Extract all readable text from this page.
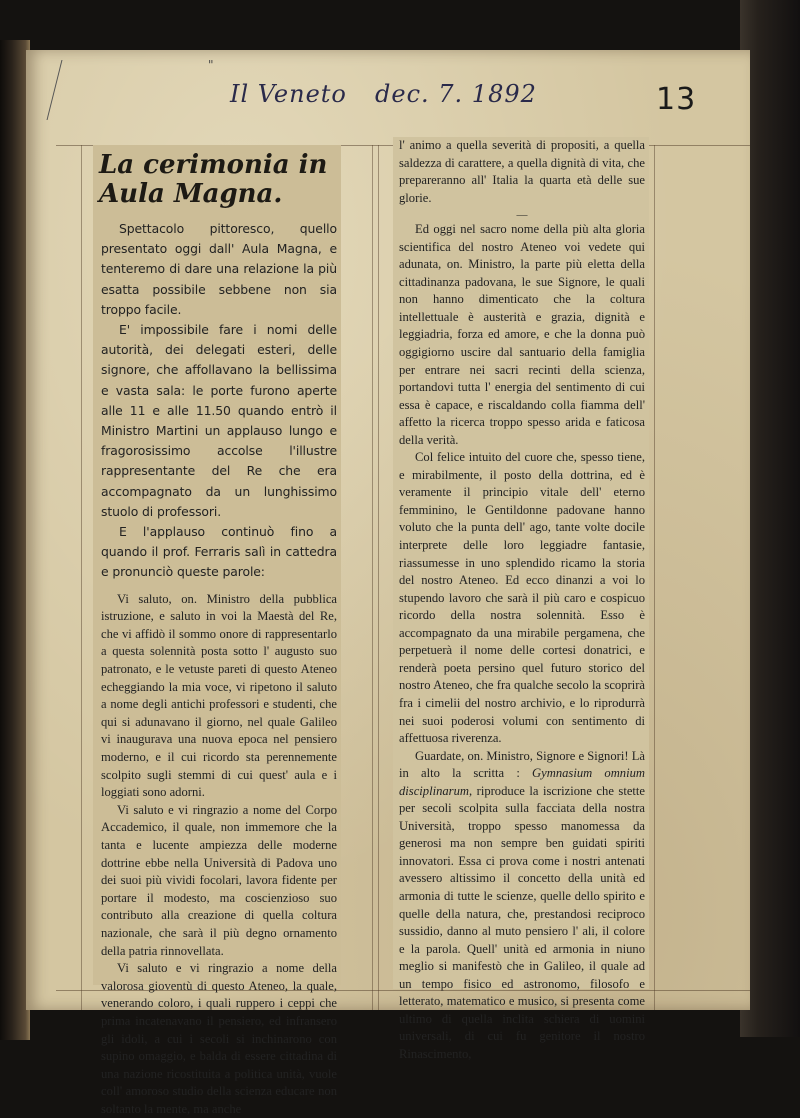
"
Il Veneto dec. 7. 1892	13
La cerimonia in Aula Magna.

Spettacolo pittoresco, quello presentato oggi dall' Aula Magna, e tenteremo di dare una relazione la più esatta possibile sebbene non sia troppo facile.

E' impossibile fare i nomi delle autorità, dei delegati esteri, delle signore, che affollavano la bellissima e vasta sala: le porte furono aperte alle 11 e alle 11.50 quando entrò il Ministro Martini un applauso lungo e fragorosissimo accolse l'illustre rappresentante del Re che era accompagnato da un lunghissimo stuolo di professori.

E l'applauso continuò fino a quando il prof. Ferraris salì in cattedra e pronunciò queste parole:

Vi saluto, on. Ministro della pubblica istruzione, e saluto in voi la Maestà del Re, che vi affidò il sommo onore di rappresentarlo a questa solennità posta sotto l' augusto suo patronato, e le vetuste pareti di questo Ateneo echeggiando la mia voce, vi ripetono il saluto a nome degli antichi professori e studenti, che qui si adunavano il giorno, nel quale Galileo vi inaugurava una nuova epoca nel pensiero moderno, e il cui ricordo sta perennemente scolpito sugli stemmi di cui quest' aula e i loggiati sono adorni.

Vi saluto e vi ringrazio a nome del Corpo Accademico, il quale, non immemore che la tanta e lucente ampiezza delle moderne dottrine ebbe nella Università di Padova uno dei suoi più vividi focolari, lavora fidente per portare il modesto, ma coscienzioso suo contributo alla creazione di quella coltura nazionale, che sarà il più degno ornamento della patria rinnovellata.

Vi saluto e vi ringrazio a nome della valorosa gioventù di questo Ateneo, la quale, venerando coloro, i quali ruppero i ceppi che prima incatenavano il pensiero, ed infransero gli idoli, a cui i secoli si inchinarono con supino omaggio, e balda di essere cittadina di una nazione ricostituita a politica unità, vuole coll' amoroso studio della scienza educare non soltanto la mente, ma anche

l' animo a quella severità di propositi, a quella saldezza di carattere, a quella dignità di vita, che prepareranno all' Italia la quarta età delle sue glorie.

—

Ed oggi nel sacro nome della più alta gloria scientifica del nostro Ateneo voi vedete qui adunata, on. Ministro, la parte più eletta della cittadinanza padovana, le sue Signore, le quali non hanno dimenticato che la coltura intellettuale è austerità e grazia, dignità e leggiadria, forza ed amore, e che la donna può oggigiorno uscire dal santuario della famiglia per entrare nei sacri recinti della scienza, portandovi tutta l' energia del sentimento di cui essa è capace, e riscaldando colla fiamma dell' affetto la ricerca troppo spesso arida e faticosa della verità.

Col felice intuito del cuore che, spesso tiene, e mirabilmente, il posto della dottrina, ed è veramente il principio vitale dell' eterno femminino, le Gentildonne padovane hanno voluto che la punta dell' ago, tante volte docile interprete delle loro leggiadre fantasie, riassumesse in uno splendido ricamo la storia del nostro Ateneo. Ed ecco dinanzi a voi lo stupendo lavoro che sarà il più caro e cospicuo ricordo della nostra solennità. Esso è accompagnato da una mirabile pergamena, che perpetuerà il nome delle cortesi donatrici, e renderà poeta persino quel futuro storico del nostro Ateneo, che fra qualche secolo la scoprirà fra i cimelii del nostro archivio, e lo riprodurrà nei suoi poderosi volumi con sentimento di affettuosa riverenza.

Guardate, on. Ministro, Signore e Signori! Là in alto la scritta : Gymnasium omnium disciplinarum, riproduce la iscrizione che stette per secoli scolpita sulla facciata della nostra Università, troppo spesso manomessa da generosi ma non sempre ben guidati spiriti innovatori. Essa ci prova come i nostri antenati avessero altissimo il concetto della unità ed armonia di tutte le scienze, quelle dello spirito e quelle della natura, che, prestandosi reciproco sussidio, danno al muto pensiero l' ali, il colore e la parola. Quell' unità ed armonia in niuno meglio si manifestò che in Galileo, il quale ad un tempo fisico ed astronomo, filosofo e letterato, matematico e musico, si presenta come ultimo di quella inclita schiera di uomini universali, di cui fu genitore il nostro Rinascimento,
